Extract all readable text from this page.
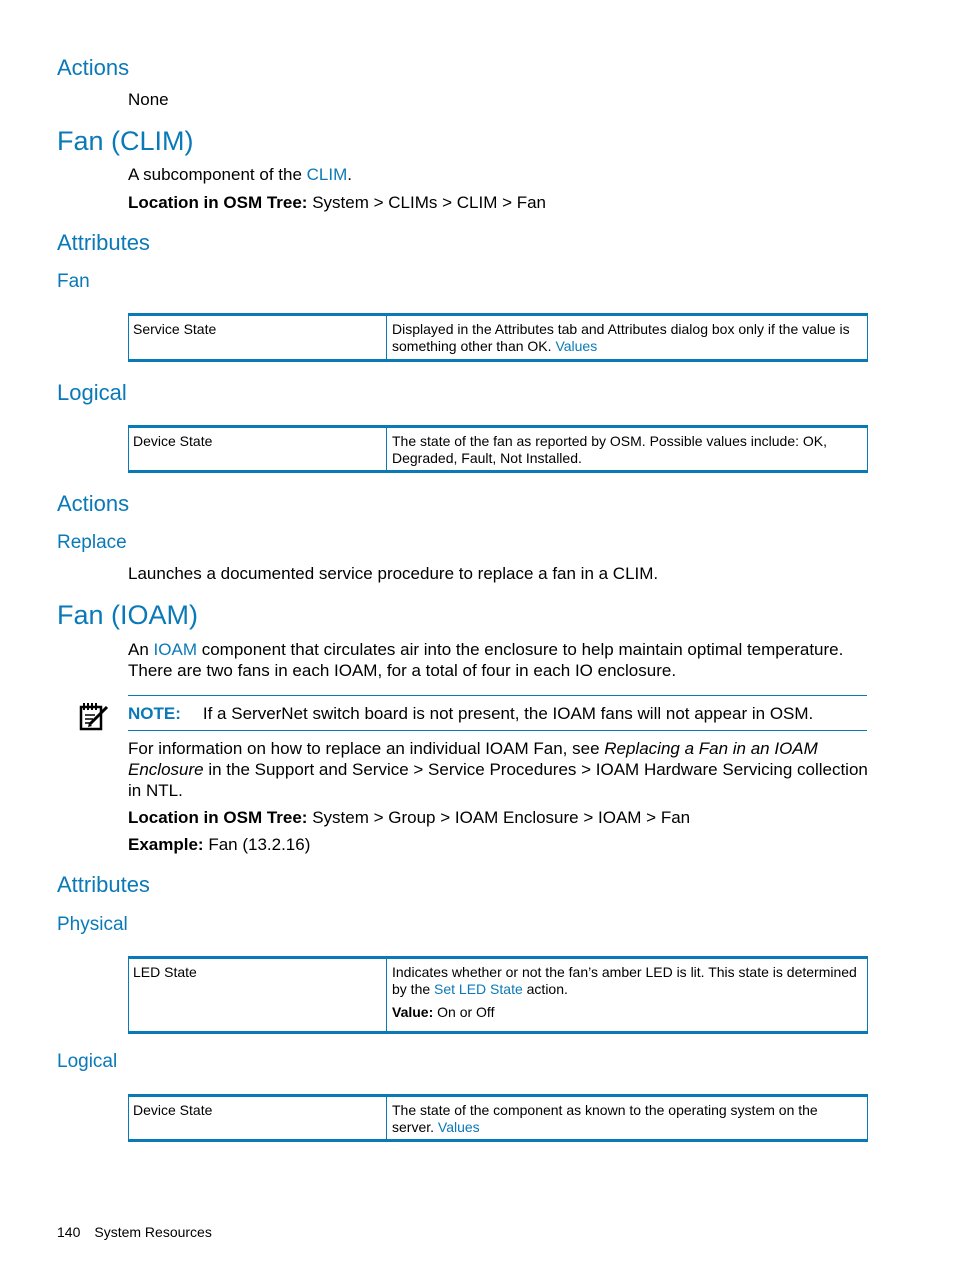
Actions
None
Fan (CLIM)
A subcomponent of the CLIM.
Location in OSM Tree: System > CLIMs > CLIM > Fan
Attributes
Fan
Service State	Displayed in the Attributes tab and Attributes dialog box only if the value is something other than OK. Values
Logical
Device State	The state of the fan as reported by OSM. Possible values include: OK, Degraded, Fault, Not Installed.
Actions
Replace
Launches a documented service procedure to replace a fan in a CLIM.
Fan (IOAM)
An IOAM component that circulates air into the enclosure to help maintain optimal temperature. There are two fans in each IOAM, for a total of four in each IO enclosure.
NOTE: If a ServerNet switch board is not present, the IOAM fans will not appear in OSM.
For information on how to replace an individual IOAM Fan, see Replacing a Fan in an IOAM Enclosure in the Support and Service > Service Procedures > IOAM Hardware Servicing collection in NTL.
Location in OSM Tree: System > Group > IOAM Enclosure > IOAM > Fan
Example: Fan (13.2.16)
Attributes
Physical
LED State	Indicates whether or not the fan’s amber LED is lit. This state is determined by the Set LED State action.
Value: On or Off
Logical
Device State	The state of the component as known to the operating system on the server. Values
140 System Resources
